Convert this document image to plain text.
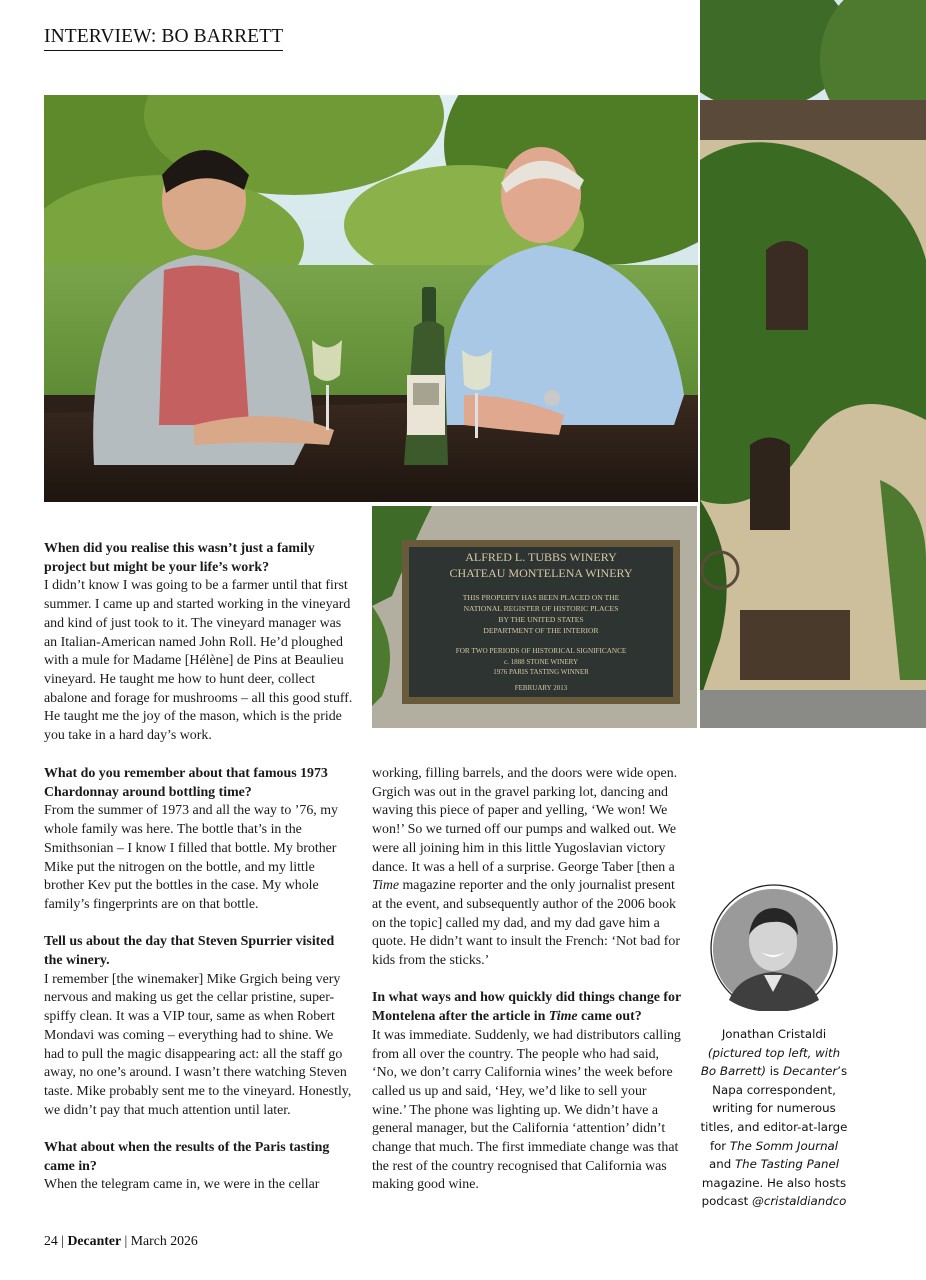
INTERVIEW: BO BARRETT
ALFRED L. TUBBS WINERY
CHATEAU MONTELENA WINERY
THIS PROPERTY HAS BEEN PLACED ON THE
NATIONAL REGISTER OF HISTORIC PLACES
BY THE UNITED STATES
DEPARTMENT OF THE INTERIOR
FOR TWO PERIODS OF HISTORICAL SIGNIFICANCE
c. 1888 STONE WINERY
1976 PARIS TASTING WINNER
FEBRUARY 2013

When did you realise this wasn’t just a family project but might be your life’s work?

I didn’t know I was going to be a farmer until that first summer. I came up and started working in the vineyard and kind of just took to it. The vineyard manager was an Italian-American named John Roll. He’d ploughed with a mule for Madame [Hélène] de Pins at Beaulieu vineyard. He taught me how to hunt deer, collect abalone and forage for mushrooms – all this good stuff. He taught me the joy of the mason, which is the pride you take in a hard day’s work.

What do you remember about that famous 1973 Chardonnay around bottling time?

From the summer of 1973 and all the way to ’76, my whole family was here. The bottle that’s in the Smithsonian – I know I filled that bottle. My brother Mike put the nitrogen on the bottle, and my little brother Kev put the bottles in the case. My whole family’s fingerprints are on that bottle.

Tell us about the day that Steven Spurrier visited the winery.

I remember [the winemaker] Mike Grgich being very nervous and making us get the cellar pristine, super-spiffy clean. It was a VIP tour, same as when Robert Mondavi was coming – everything had to shine. We had to pull the magic disappearing act: all the staff go away, no one’s around. I wasn’t there watching Steven taste. Mike probably sent me to the vineyard. Honestly, we didn’t pay that much attention until later.

What about when the results of the Paris tasting came in?

When the telegram came in, we were in the cellar

working, filling barrels, and the doors were wide open. Grgich was out in the gravel parking lot, dancing and waving this piece of paper and yelling, ‘We won! We won!’ So we turned off our pumps and walked out. We were all joining him in this little Yugoslavian victory dance. It was a hell of a surprise. George Taber [then a Time magazine reporter and the only journalist present at the event, and subsequently author of the 2006 book on the topic] called my dad, and my dad gave him a quote. He didn’t want to insult the French: ‘Not bad for kids from the sticks.’

In what ways and how quickly did things change for Montelena after the article in Time came out?

It was immediate. Suddenly, we had distributors calling from all over the country. The people who had said, ‘No, we don’t carry California wines’ the week before called us up and said, ‘Hey, we’d like to sell your wine.’ The phone was lighting up. We didn’t have a general manager, but the California ‘attention’ didn’t change that much. The first immediate change was that the rest of the country recognised that California was making good wine.

Jonathan Cristaldi
(pictured top left, with Bo Barrett) is Decanter’s Napa correspondent, writing for numerous titles, and editor-at-large for The Somm Journal and The Tasting Panel magazine. He also hosts podcast @cristaldiandco
24 | Decanter | March 2026
